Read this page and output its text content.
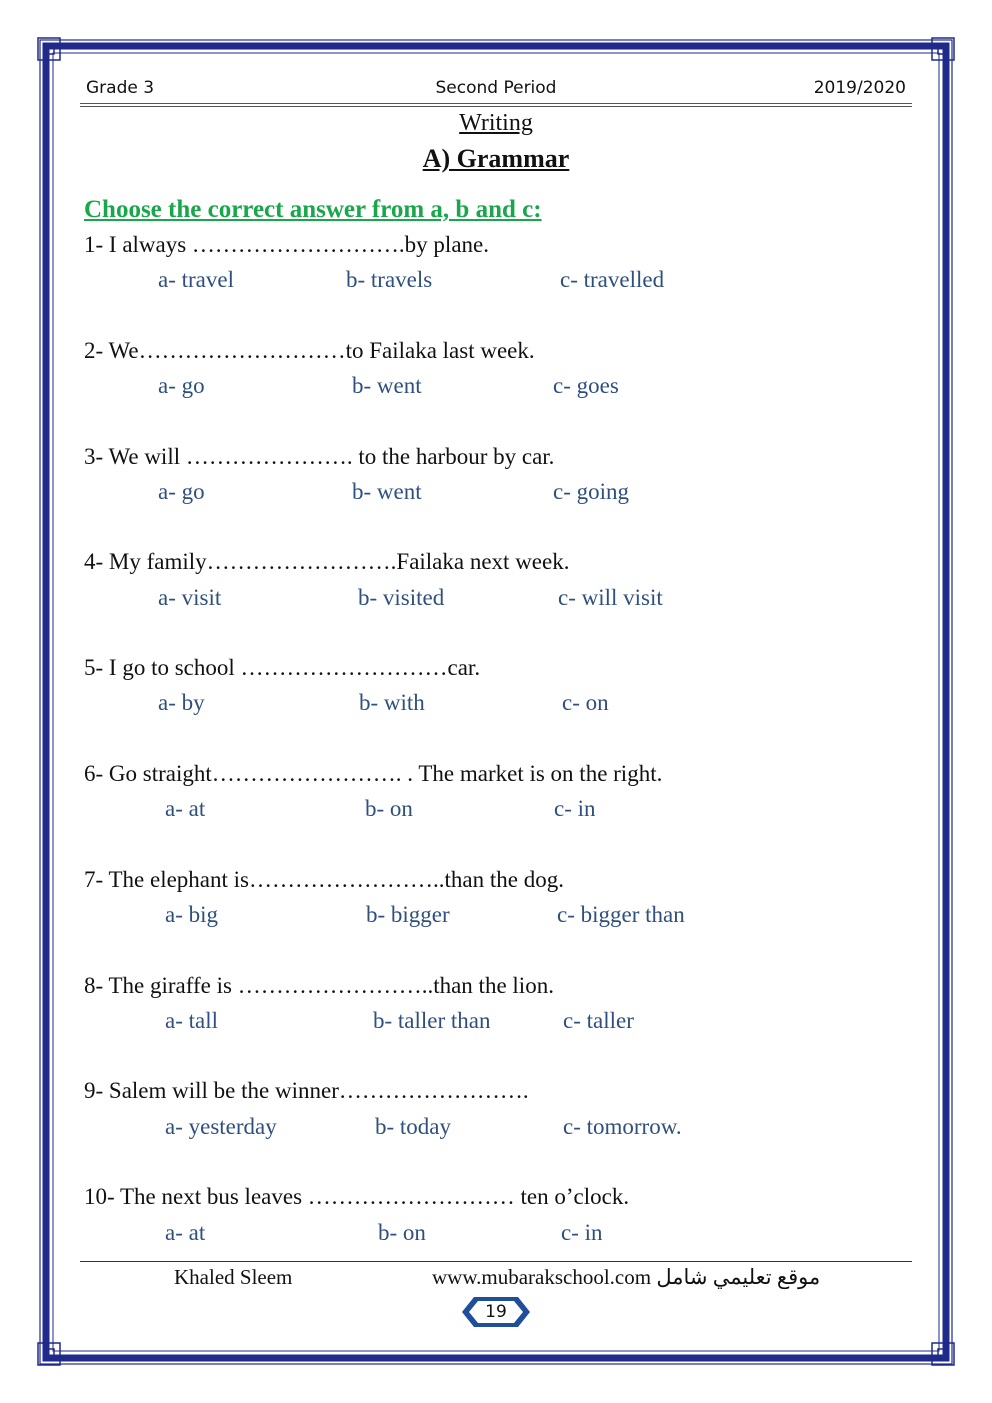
Grade 3	Second Period	2019/2020
Writing
A) Grammar
Choose the correct answer from a, b and c:
1- I always ……………………….by plane.
a- travel	b- travels	c- travelled
2- We………………………to Failaka last week.
a- go	b- went	c- goes
3- We will …………………. to the harbour by car.
a- go	b- went	c- going
4- My family…………………….Failaka next week.
a- visit	b- visited	c- will visit
5- I go to school ………………………car.
a- by	b- with	c- on
6- Go straight……………………. . The market is on the right.
a- at	b- on	c- in
7- The elephant is……………………..than the dog.
a- big	b- bigger	c- bigger than
8- The giraffe is ……………………..than the lion.
a- tall	b- taller than	c- taller
9- Salem will be the winner…………………….
a- yesterday	b- today	c- tomorrow.
10- The next bus leaves ……………………… ten o’clock.
a- at	b- on	c- in
Khaled Sleem	www.mubarakschool.com موقع تعليمي شامل
19
